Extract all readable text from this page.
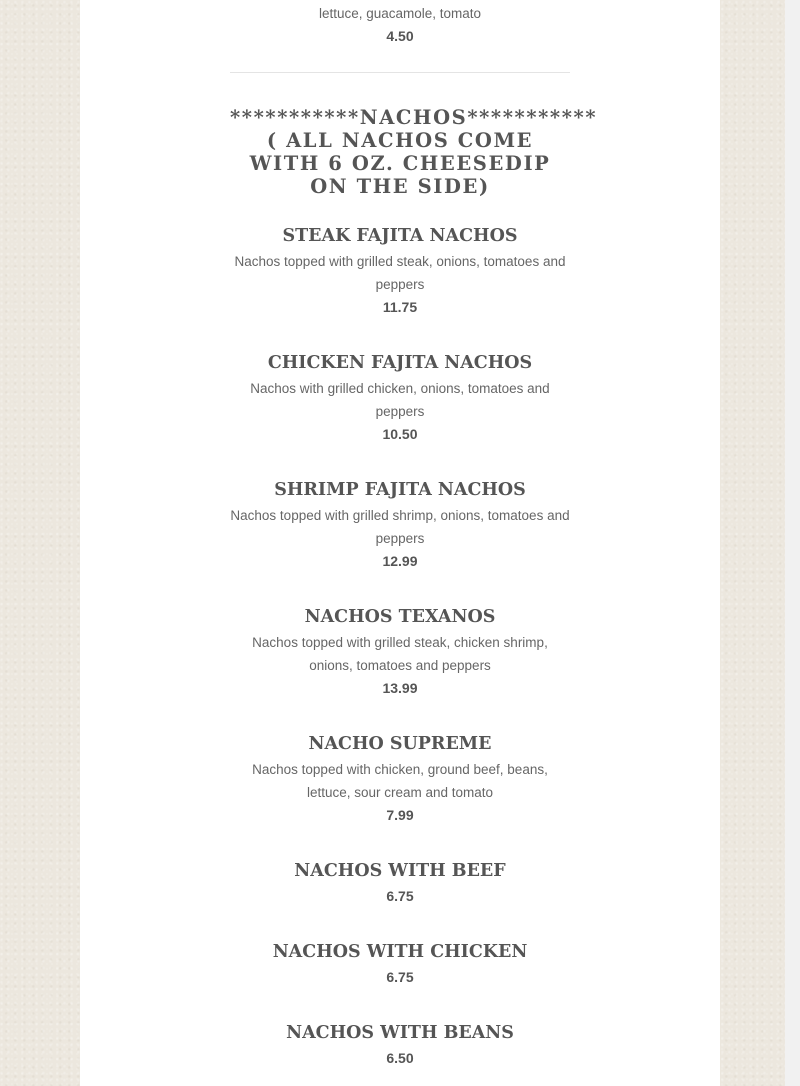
lettuce, guacamole, tomato

4.50

***********NACHOS*********** ( ALL NACHOS COME WITH 6 OZ. CHEESEDIP ON THE SIDE)
STEAK FAJITA NACHOS

Nachos topped with grilled steak, onions, tomatoes and peppers

11.75

CHICKEN FAJITA NACHOS

Nachos with grilled chicken, onions, tomatoes and peppers

10.50

SHRIMP FAJITA NACHOS

Nachos topped with grilled shrimp, onions, tomatoes and peppers

12.99

NACHOS TEXANOS

Nachos topped with grilled steak, chicken shrimp, onions, tomatoes and peppers

13.99

NACHO SUPREME

Nachos topped with chicken, ground beef, beans, lettuce, sour cream and tomato

7.99

NACHOS WITH BEEF

6.75

NACHOS WITH CHICKEN

6.75

NACHOS WITH BEANS

6.50
